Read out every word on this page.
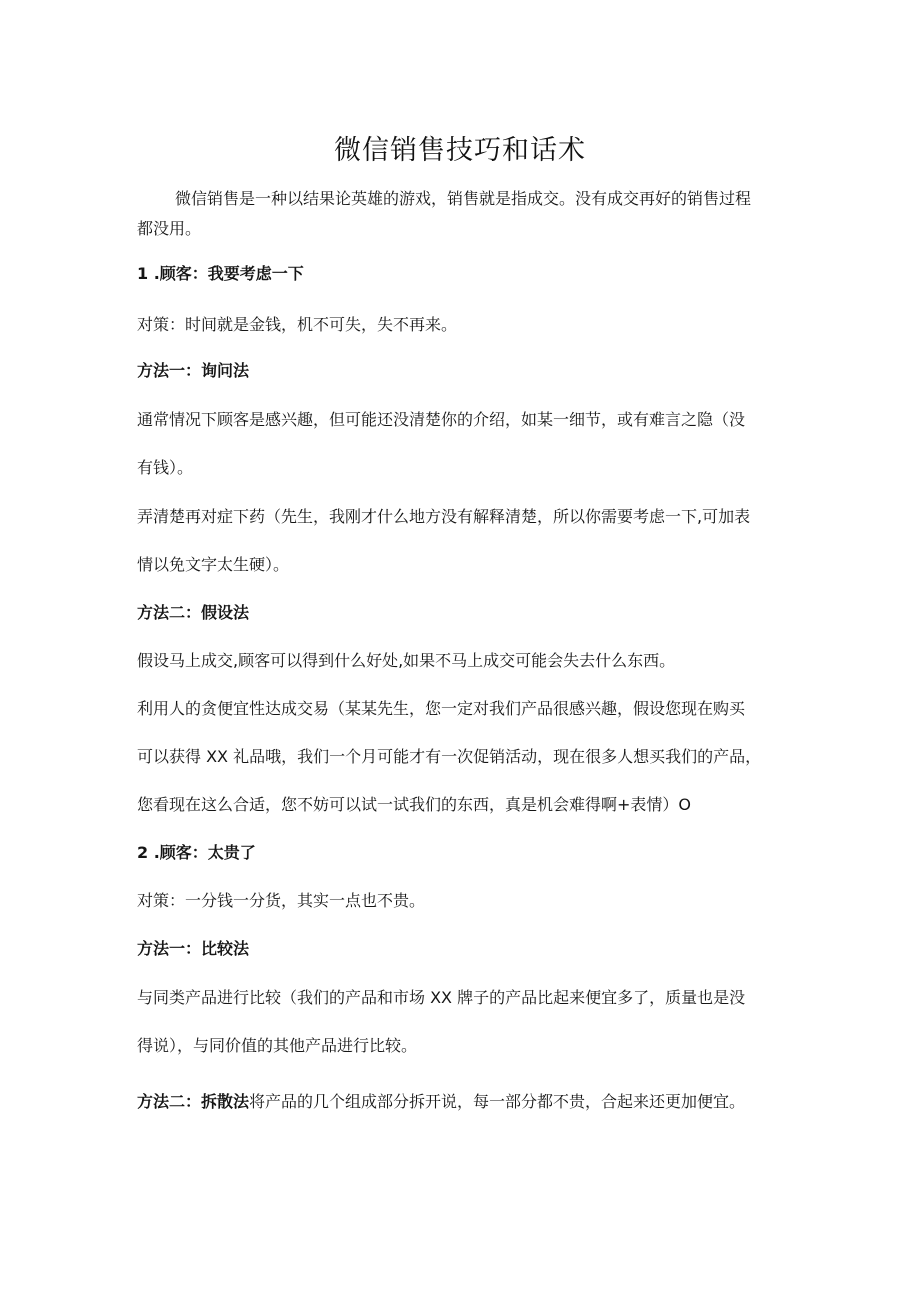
微信销售技巧和话术
微信销售是一种以结果论英雄的游戏，销售就是指成交。没有成交再好的销售过程
都没用。
1 .顾客：我要考虑一下
对策：时间就是金钱，机不可失，失不再来。
方法一：询问法
通常情况下顾客是感兴趣，但可能还没清楚你的介绍，如某一细节，或有难言之隐（没
有钱）。
弄清楚再对症下药（先生，我刚才什么地方没有解释清楚，所以你需要考虑一下,可加表
情以免文字太生硬）。
方法二：假设法
假设马上成交,顾客可以得到什么好处,如果不马上成交可能会失去什么东西。
利用人的贪便宜性达成交易（某某先生，您一定对我们产品很感兴趣，假设您现在购买
可以获得 XX 礼品哦，我们一个月可能才有一次促销活动，现在很多人想买我们的产品，
您看现在这么合适，您不妨可以试一试我们的东西，真是机会难得啊+表情）O
2 .顾客：太贵了
对策：一分钱一分货，其实一点也不贵。
方法一：比较法
与同类产品进行比较（我们的产品和市场 XX 牌子的产品比起来便宜多了，质量也是没
得说），与同价值的其他产品进行比较。
方法二：拆散法将产品的几个组成部分拆开说，每一部分都不贵，合起来还更加便宜。
